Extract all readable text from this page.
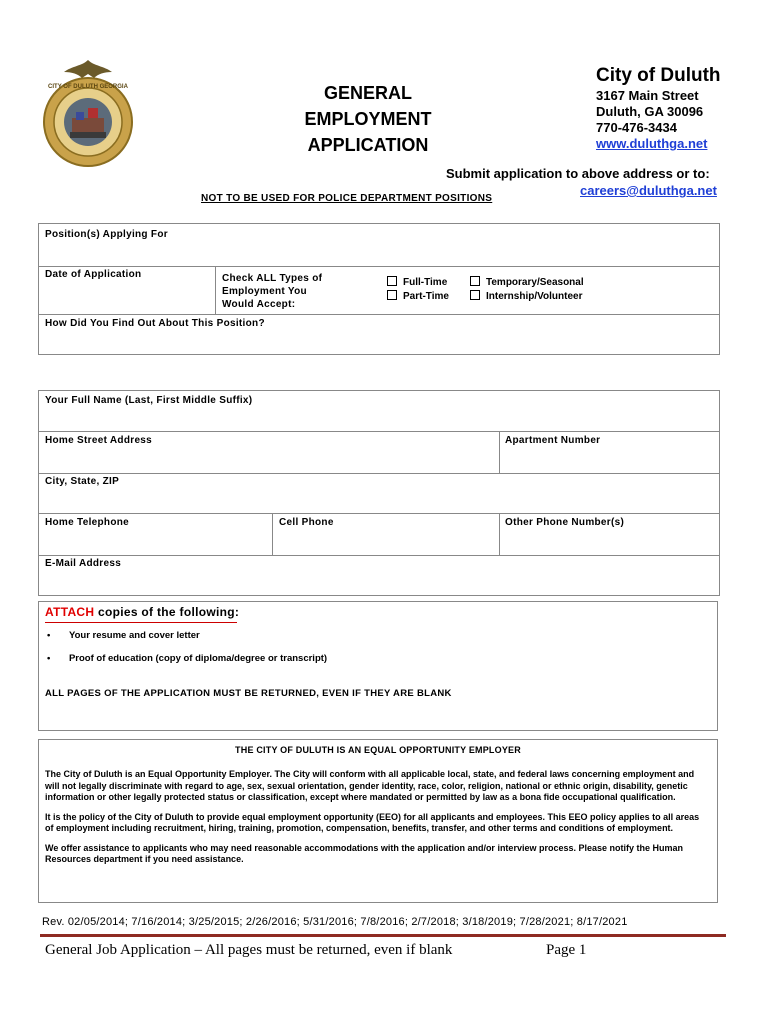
CITY OF DULUTH GEORGIA	GENERAL
EMPLOYMENT
APPLICATION
City of Duluth
3167 Main Street
Duluth, GA 30096
770-476-3434
www.duluthga.net
Submit application to above address or to:
careers@duluthga.net
NOT TO BE USED FOR POLICE DEPARTMENT POSITIONS
Position(s) Applying For
Date of Application	Check ALL Types of
Employment You
Would Accept:
Full-Time
Part-Time
Temporary/Seasonal
Internship/Volunteer
How Did You Find Out About This Position?
Your Full Name (Last, First Middle Suffix)
Home Street Address	Apartment Number
City, State, ZIP
Home Telephone	Cell Phone	Other Phone Number(s)
E-Mail Address
ATTACH copies of the following:
• Your resume and cover letter
• Proof of education (copy of diploma/degree or transcript)
ALL PAGES OF THE APPLICATION MUST BE RETURNED, EVEN IF THEY ARE BLANK
THE CITY OF DULUTH IS AN EQUAL OPPORTUNITY EMPLOYER

The City of Duluth is an Equal Opportunity Employer. The City will conform with all applicable local, state, and federal laws concerning employment and will not legally discriminate with regard to age, sex, sexual orientation, gender identity, race, color, religion, national or ethnic origin, disability, genetic information or other legally protected status or classification, except where mandated or permitted by law as a bona fide occupational qualification.

It is the policy of the City of Duluth to provide equal employment opportunity (EEO) for all applicants and employees. This EEO policy applies to all areas of employment including recruitment, hiring, training, promotion, compensation, benefits, transfer, and other terms and conditions of employment.

We offer assistance to applicants who may need reasonable accommodations with the application and/or interview process. Please notify the Human Resources department if you need assistance.

Rev. 02/05/2014; 7/16/2014; 3/25/2015; 2/26/2016; 5/31/2016; 7/8/2016; 2/7/2018; 3/18/2019; 7/28/2021; 8/17/2021
General Job Application – All pages must be returned, even if blank	Page 1
